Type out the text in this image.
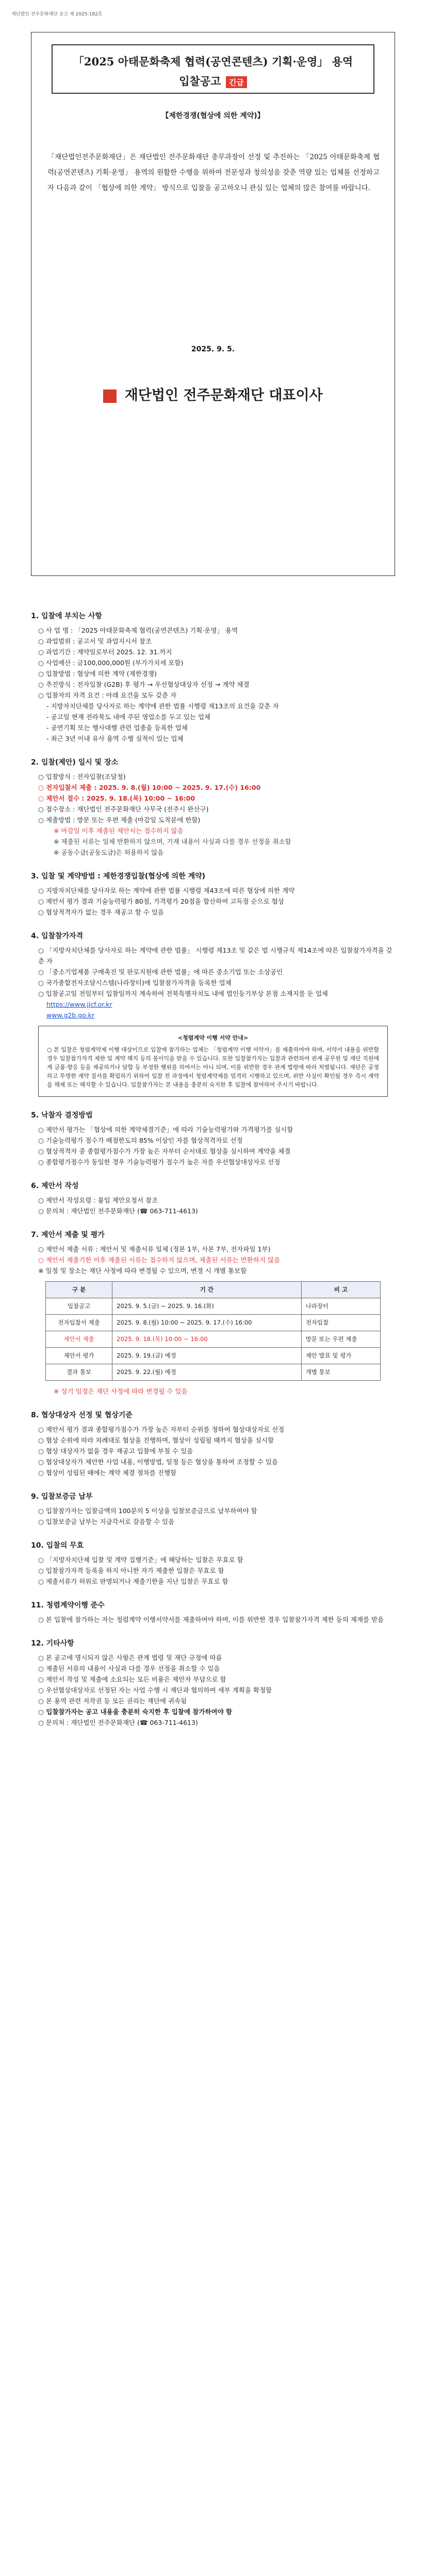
재단법인 전주문화재단 공고 제 2025-182호
「2025 아태문화축제 협력(공연콘텐츠) 기획·운영」 용역
입찰공고 긴급
【제한경쟁(협상에 의한 계약)】
「재단법인전주문화재단」은 재단법인 전주문화재단 총무과장이 선정 및 추진하는 「2025 아태문화축제 협력(공연콘텐츠) 기획·운영」 용역의 원활한 수행을 위하여 전문성과 창의성을 갖춘 역량 있는 업체를 선정하고자 다음과 같이 「협상에 의한 계약」 방식으로 입찰을 공고하오니 관심 있는 업체의 많은 참여를 바랍니다.
2025. 9. 5.
재단법인 전주문화재단 대표이사
1. 입찰에 부치는 사항
○ 사 업 명 : 「2025 아태문화축제 협력(공연콘텐츠) 기획·운영」 용역
○ 과업범위 : 공고서 및 과업지시서 참조
○ 과업기간 : 계약일로부터 2025. 12. 31.까지
○ 사업예산 : 금100,000,000원 (부가가치세 포함)
○ 입찰방법 : 협상에 의한 계약 (제한경쟁)
○ 추진방식 : 전자입찰 (G2B) 후 평가 → 우선협상대상자 선정 → 계약 체결
○ 입찰자의 자격 요건 : 아래 요건을 모두 갖춘 자
- 지방자치단체를 당사자로 하는 계약에 관한 법률 시행령 제13조의 요건을 갖춘 자
- 공고일 현재 전라북도 내에 주된 영업소를 두고 있는 업체
- 공연기획 또는 행사대행 관련 업종을 등록한 업체
- 최근 3년 이내 유사 용역 수행 실적이 있는 업체
2. 입찰(제안) 일시 및 장소
○ 입찰방식 : 전자입찰(조달청)
○ 전자입찰서 제출 : 2025. 9. 8.(월) 10:00 ~ 2025. 9. 17.(수) 16:00
○ 제안서 접수 : 2025. 9. 18.(목) 10:00 ~ 16:00
○ 접수장소 : 재단법인 전주문화재단 사무국 (전주시 완산구)
○ 제출방법 : 방문 또는 우편 제출 (마감일 도착분에 한함)
※ 마감일 이후 제출된 제안서는 접수하지 않음
※ 제출된 서류는 일체 반환하지 않으며, 기재 내용이 사실과 다를 경우 선정을 취소함
※ 공동수급(공동도급)은 허용하지 않음
3. 입찰 및 계약방법 : 제한경쟁입찰(협상에 의한 계약)
○ 지방자치단체를 당사자로 하는 계약에 관한 법률 시행령 제43조에 따른 협상에 의한 계약
○ 제안서 평가 결과 기술능력평가 80점, 가격평가 20점을 합산하여 고득점 순으로 협상
○ 협상적격자가 없는 경우 재공고 할 수 있음
4. 입찰참가자격
○ 「지방자치단체를 당사자로 하는 계약에 관한 법률」 시행령 제13조 및 같은 법 시행규칙 제14조에 따른 입찰참가자격을 갖춘 자
○ 「중소기업제품 구매촉진 및 판로지원에 관한 법률」에 따른 중소기업 또는 소상공인
○ 국가종합전자조달시스템(나라장터)에 입찰참가자격을 등록한 업체
○ 입찰공고일 전일부터 입찰일까지 계속하여 전북특별자치도 내에 법인등기부상 본점 소재지를 둔 업체
https://www.jjcf.or.kr
www.g2b.go.kr
<청렴계약 이행 서약 안내>
○ 본 입찰은 청렴계약제 이행 대상이므로 입찰에 참가하는 업체는 「청렴계약 이행 서약서」를 제출하여야 하며, 서약서 내용을 위반할 경우 입찰참가자격 제한 및 계약 해지 등의 불이익을 받을 수 있습니다. 또한 입찰참가자는 입찰과 관련하여 관계 공무원 및 재단 직원에게 금품·향응 등을 제공하거나 담합 등 부정한 행위를 하여서는 아니 되며, 이를 위반한 경우 관계 법령에 따라 처벌됩니다. 재단은 공정하고 투명한 계약 질서를 확립하기 위하여 입찰 전 과정에서 청렴계약제를 엄격히 시행하고 있으며, 위반 사실이 확인될 경우 즉시 계약을 해제 또는 해지할 수 있습니다. 입찰참가자는 본 내용을 충분히 숙지한 후 입찰에 참여하여 주시기 바랍니다.
5. 낙찰자 결정방법
○ 제안서 평가는 「협상에 의한 계약체결기준」에 따라 기술능력평가와 가격평가를 실시함
○ 기술능력평가 점수가 배점한도의 85% 이상인 자를 협상적격자로 선정
○ 협상적격자 중 종합평가점수가 가장 높은 자부터 순서대로 협상을 실시하여 계약을 체결
○ 종합평가점수가 동일한 경우 기술능력평가 점수가 높은 자를 우선협상대상자로 선정
6. 제안서 작성
○ 제안서 작성요령 : 붙임 제안요청서 참조
○ 문의처 : 재단법인 전주문화재단 (☎ 063-711-4613)
7. 제안서 제출 및 평가
○ 제안서 제출 서류 : 제안서 및 제출서류 일체 (정본 1부, 사본 7부, 전자파일 1부)
○ 제안서 제출기한 이후 제출된 서류는 접수하지 않으며, 제출된 서류는 반환하지 않음
※ 일정 및 장소는 재단 사정에 따라 변경될 수 있으며, 변경 시 개별 통보함
구 분	기 간	비 고
입찰공고	2025. 9. 5.(금) ~ 2025. 9. 16.(화)	나라장터
전자입찰서 제출	2025. 9. 8.(월) 10:00 ~ 2025. 9. 17.(수) 16:00	전자입찰
제안서 제출	2025. 9. 18.(목) 10:00 ~ 16:00	방문 또는 우편 제출
제안서 평가	2025. 9. 19.(금) 예정	제안 발표 및 평가
결과 통보	2025. 9. 22.(월) 예정	개별 통보
※ 상기 일정은 재단 사정에 따라 변경될 수 있음
8. 협상대상자 선정 및 협상기준
○ 제안서 평가 결과 종합평가점수가 가장 높은 자부터 순위를 정하여 협상대상자로 선정
○ 협상 순위에 따라 차례대로 협상을 진행하며, 협상이 성립될 때까지 협상을 실시함
○ 협상 대상자가 없을 경우 재공고 입찰에 부칠 수 있음
○ 협상대상자가 제안한 사업 내용, 이행방법, 일정 등은 협상을 통하여 조정할 수 있음
○ 협상이 성립된 때에는 계약 체결 절차를 진행함
9. 입찰보증금 납부
○ 입찰참가자는 입찰금액의 100분의 5 이상을 입찰보증금으로 납부하여야 함
○ 입찰보증금 납부는 지급각서로 갈음할 수 있음
10. 입찰의 무효
○ 「지방자치단체 입찰 및 계약 집행기준」에 해당하는 입찰은 무효로 함
○ 입찰참가자격 등록을 하지 아니한 자가 제출한 입찰은 무효로 함
○ 제출서류가 허위로 판명되거나 제출기한을 지난 입찰은 무효로 함
11. 청렴계약이행 준수
○ 본 입찰에 참가하는 자는 청렴계약 이행서약서를 제출하여야 하며, 이를 위반한 경우 입찰참가자격 제한 등의 제재를 받음
12. 기타사항
○ 본 공고에 명시되지 않은 사항은 관계 법령 및 재단 규정에 따름
○ 제출된 서류의 내용이 사실과 다를 경우 선정을 취소할 수 있음
○ 제안서 작성 및 제출에 소요되는 모든 비용은 제안자 부담으로 함
○ 우선협상대상자로 선정된 자는 사업 수행 시 재단과 협의하여 세부 계획을 확정함
○ 본 용역 관련 저작권 등 모든 권리는 재단에 귀속됨
○ 입찰참가자는 공고 내용을 충분히 숙지한 후 입찰에 참가하여야 함
○ 문의처 : 재단법인 전주문화재단 (☎ 063-711-4613)
